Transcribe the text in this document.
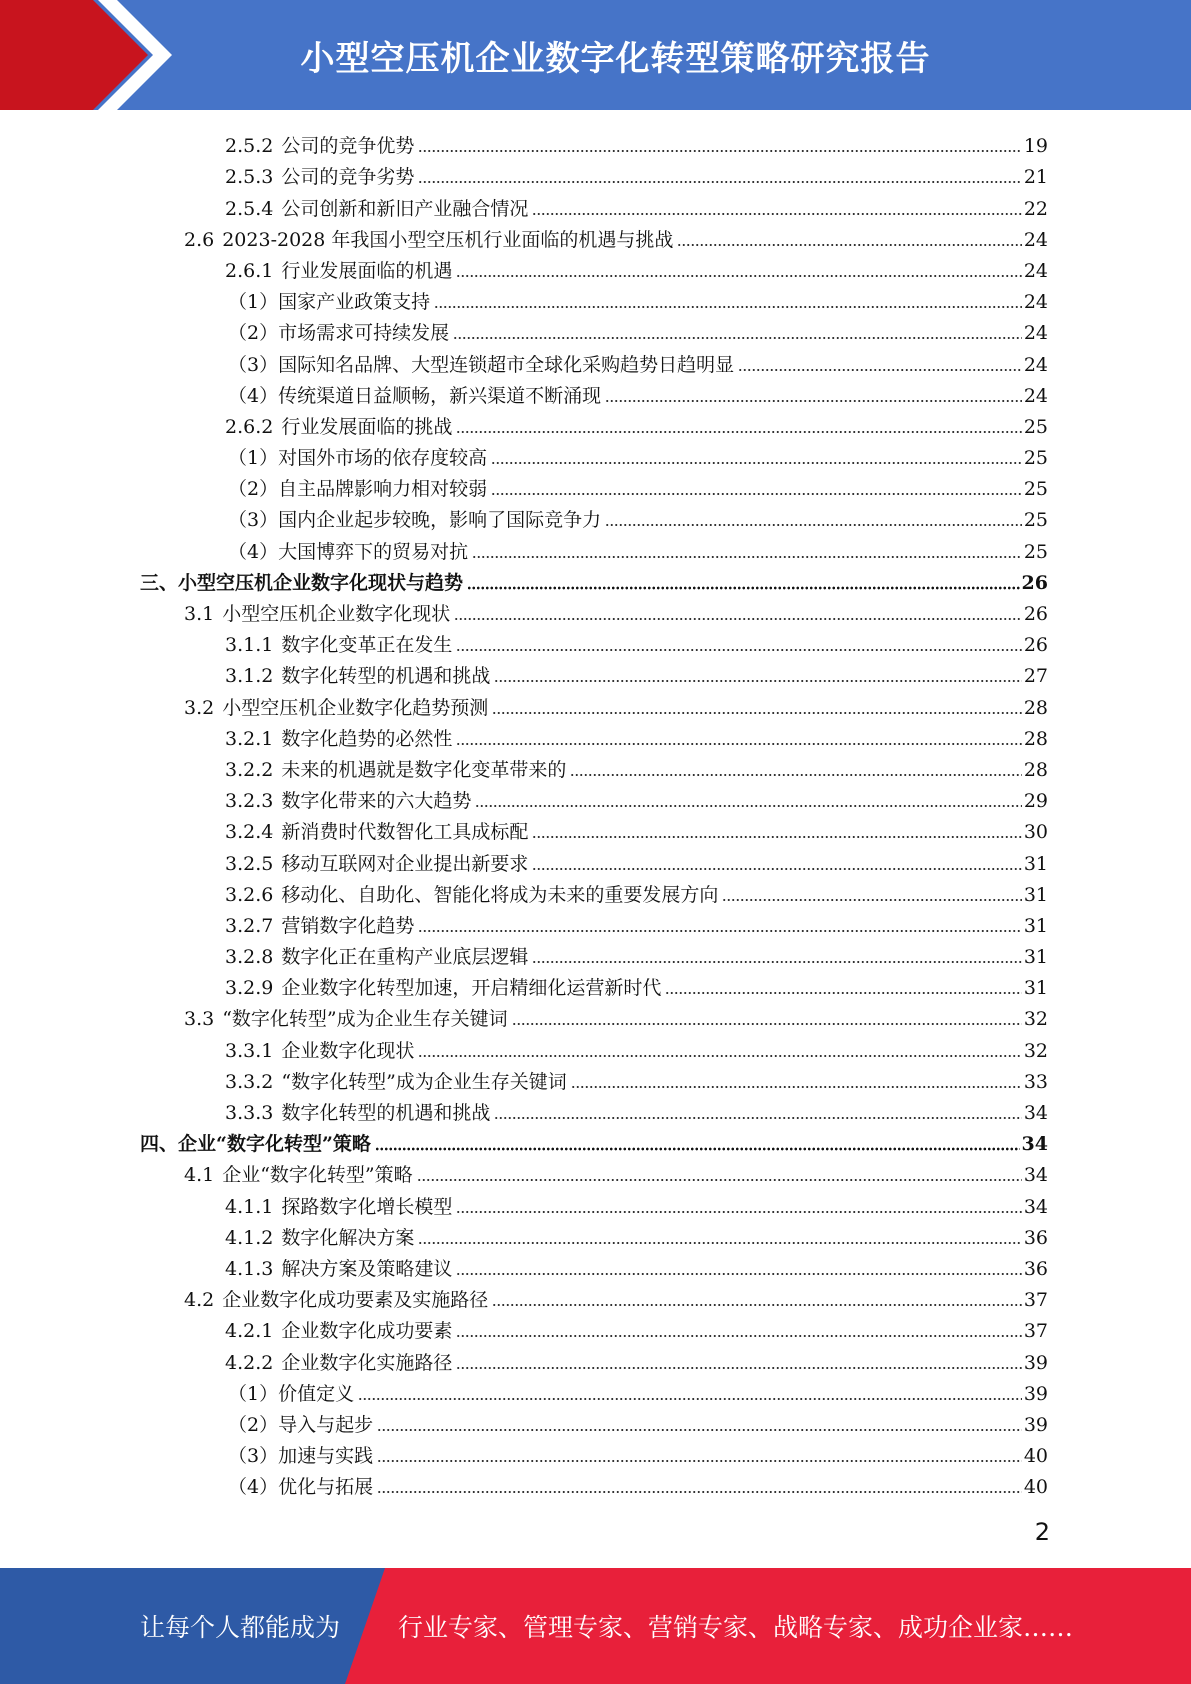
小型空压机企业数字化转型策略研究报告
2.5.2 公司的竞争优势	19
2.5.3 公司的竞争劣势	21
2.5.4 公司创新和新旧产业融合情况	22
2.6 2023-2028 年我国小型空压机行业面临的机遇与挑战	24
2.6.1 行业发展面临的机遇	24
（1） 国家产业政策支持	24
（2） 市场需求可持续发展	24
（3） 国际知名品牌、大型连锁超市全球化采购趋势日趋明显	24
（4） 传统渠道日益顺畅，新兴渠道不断涌现	24
2.6.2 行业发展面临的挑战	25
（1） 对国外市场的依存度较高	25
（2） 自主品牌影响力相对较弱	25
（3） 国内企业起步较晚，影响了国际竞争力	25
（4） 大国博弈下的贸易对抗	25
三、 小型空压机企业数字化现状与趋势	26
3.1 小型空压机企业数字化现状	26
3.1.1 数字化变革正在发生	26
3.1.2 数字化转型的机遇和挑战	27
3.2 小型空压机企业数字化趋势预测	28
3.2.1 数字化趋势的必然性	28
3.2.2 未来的机遇就是数字化变革带来的	28
3.2.3 数字化带来的六大趋势	29
3.2.4 新消费时代数智化工具成标配	30
3.2.5 移动互联网对企业提出新要求	31
3.2.6 移动化、自助化、智能化将成为未来的重要发展方向	31
3.2.7 营销数字化趋势	31
3.2.8 数字化正在重构产业底层逻辑	31
3.2.9 企业数字化转型加速，开启精细化运营新时代	31
3.3 “数字化转型”成为企业生存关键词	32
3.3.1 企业数字化现状	32
3.3.2 “数字化转型”成为企业生存关键词	33
3.3.3 数字化转型的机遇和挑战	34
四、 企业“数字化转型”策略	34
4.1 企业“数字化转型”策略	34
4.1.1 探路数字化增长模型	34
4.1.2 数字化解决方案	36
4.1.3 解决方案及策略建议	36
4.2 企业数字化成功要素及实施路径	37
4.2.1 企业数字化成功要素	37
4.2.2 企业数字化实施路径	39
（1） 价值定义	39
（2） 导入与起步	39
（3） 加速与实践	40
（4） 优化与拓展	40
2
让每个人都能成为 行业专家、管理专家、营销专家、战略专家、成功企业家……
